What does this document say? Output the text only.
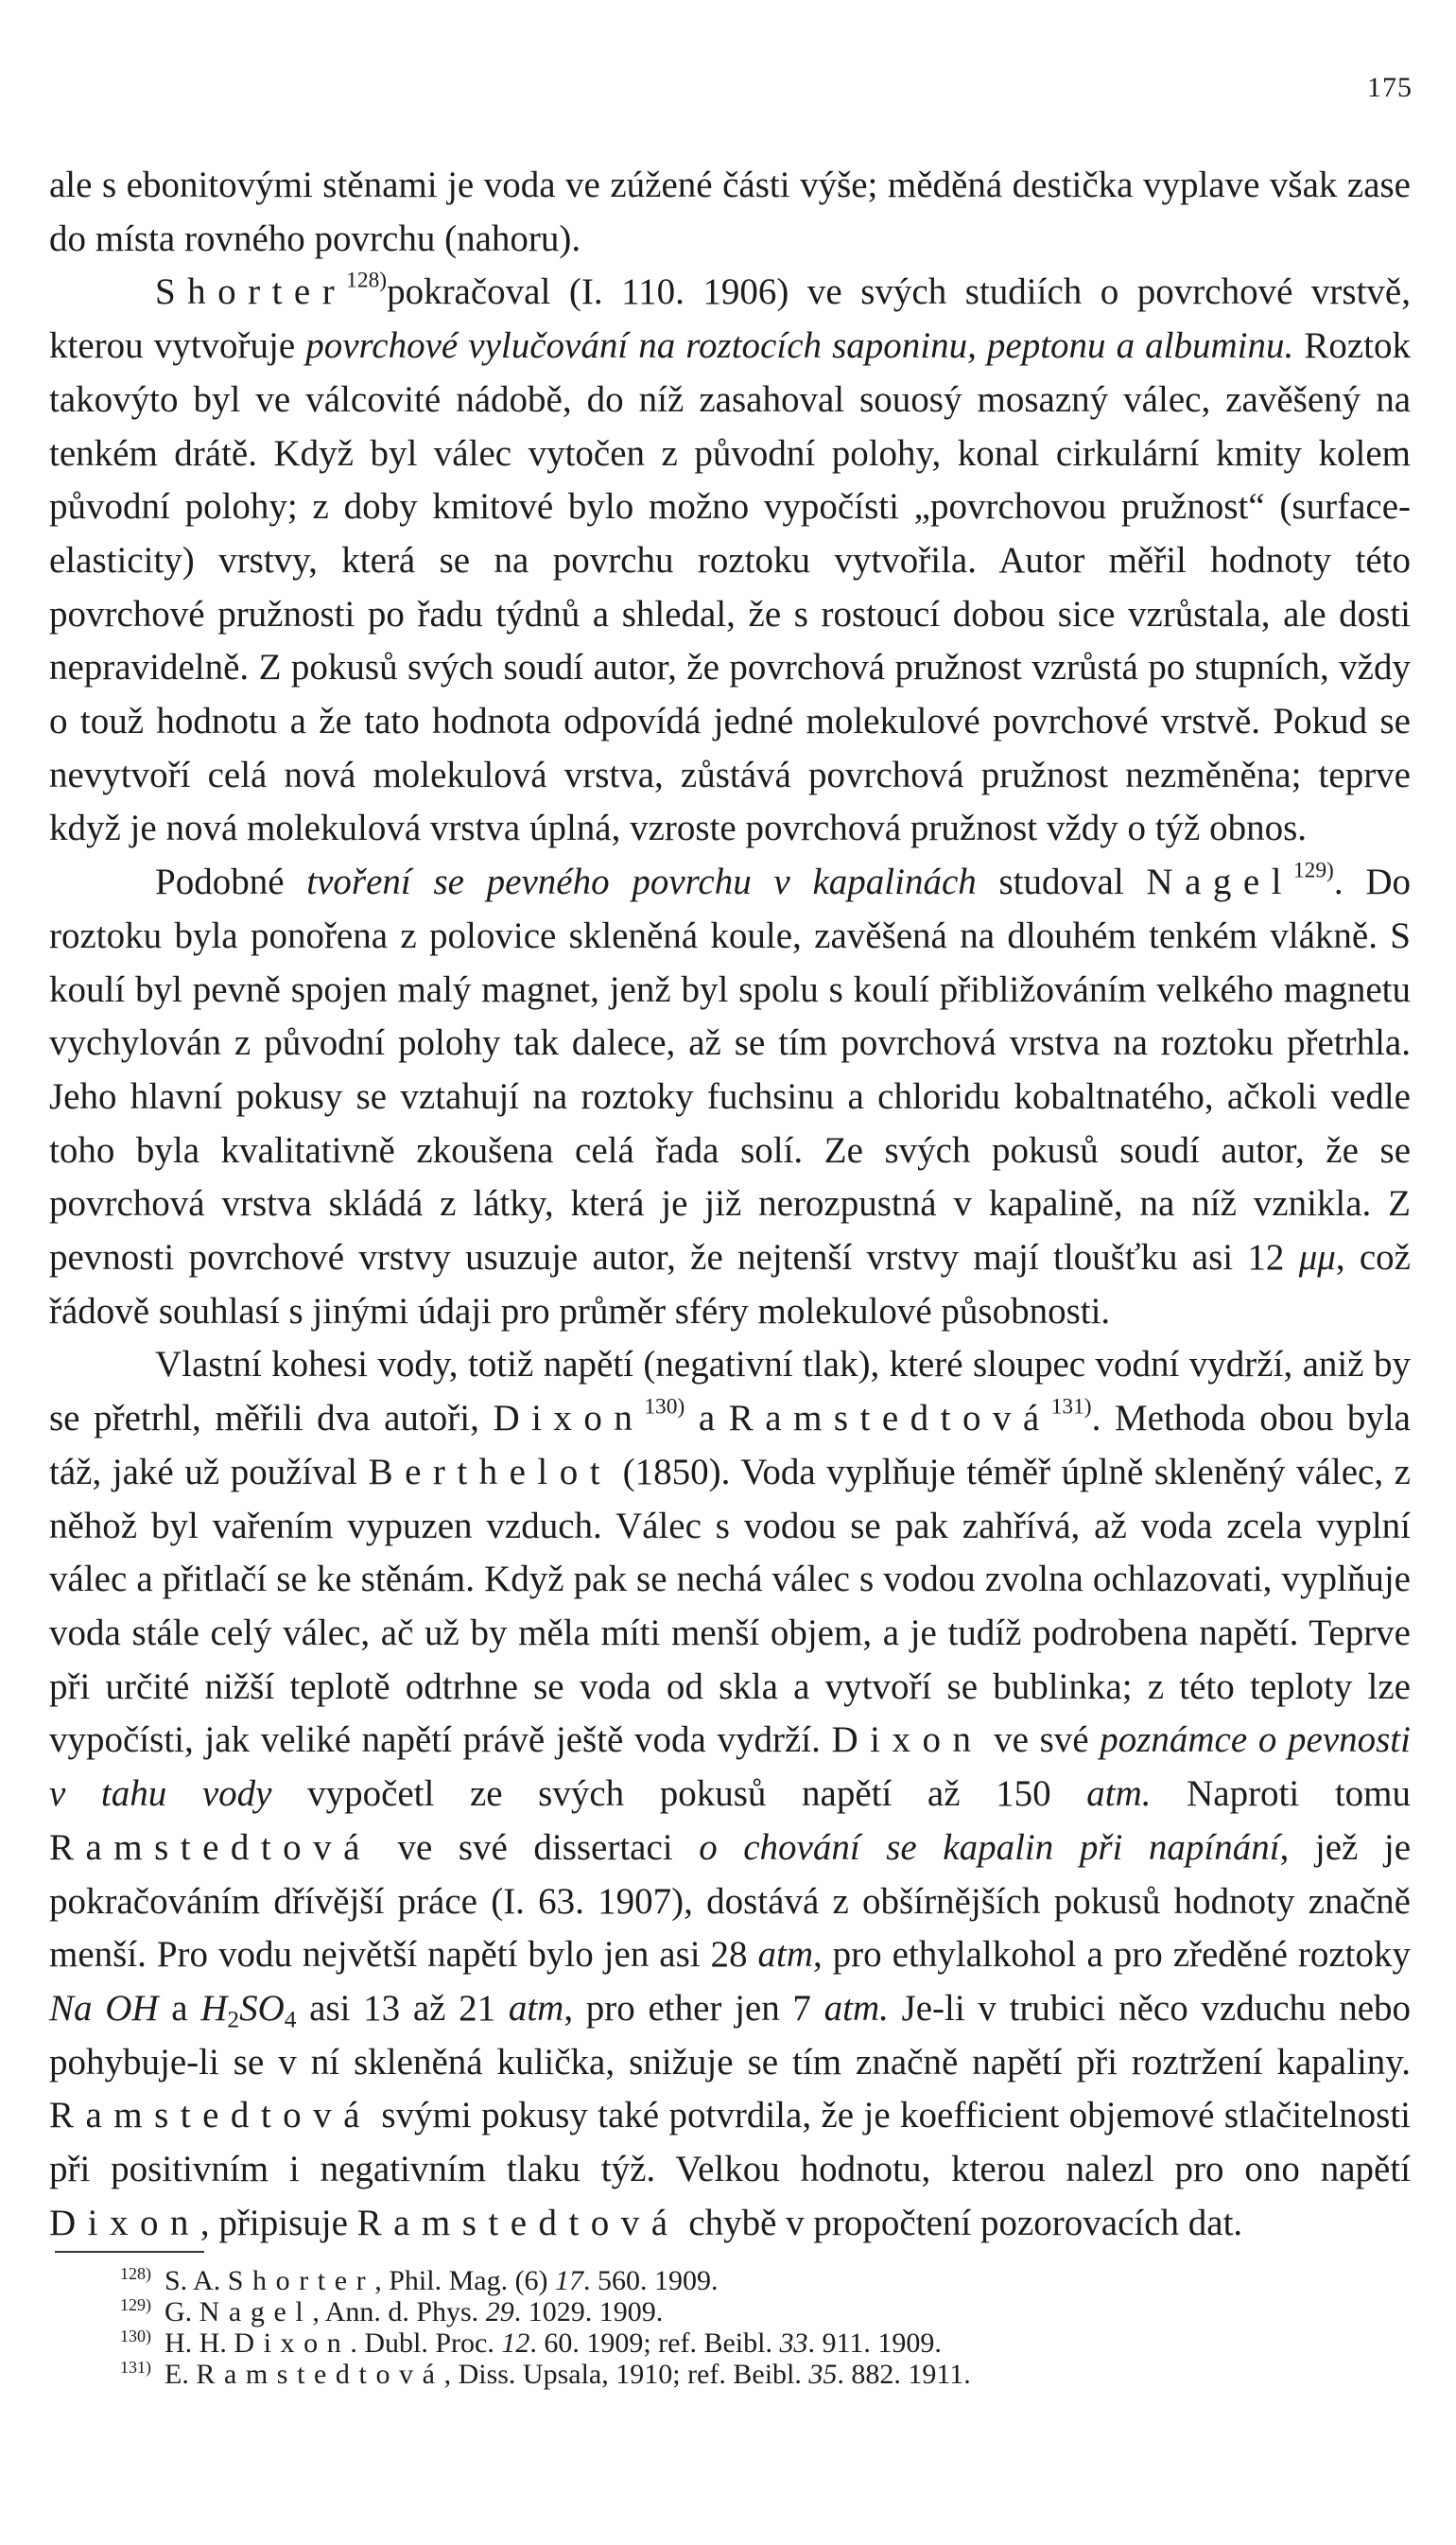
175

ale s ebonitovými stěnami je voda ve zúžené části výše; měděná destička vyplave však zase do místa rovného povrchu (nahoru).

Shorter$^{128)}$pokračoval (I. 110. 1906) ve svých studiích o povrchové vrstvě, kterou vytvořuje povrchové vylučování na roztocích saponinu, peptonu a albuminu. Roztok takovýto byl ve válcovité nádobě, do níž zasahoval souosý mosazný válec, zavěšený na tenkém drátě. Když byl válec vytočen z původní polohy, konal cirkulární kmity kolem původní polohy; z doby kmitové bylo možno vypočísti „povrchovou pružnost“ (surface-elasticity) vrstvy, která se na povrchu roztoku vytvořila. Autor měřil hodnoty této povrchové pružnosti po řadu týdnů a shledal, že s rostoucí dobou sice vzrůstala, ale dosti nepravidelně. Z pokusů svých soudí autor, že povrchová pružnost vzrůstá po stupních, vždy o touž hodnotu a že tato hodnota odpovídá jedné molekulové povrchové vrstvě. Pokud se nevytvoří celá nová molekulová vrstva, zůstává povrchová pružnost nezměněna; teprve když je nová molekulová vrstva úplná, vzroste povrchová pružnost vždy o týž obnos.

Podobné tvoření se pevného povrchu v kapalinách studoval Nagel$^{129)}$. Do roztoku byla ponořena z polovice skleněná koule, zavěšená na dlouhém tenkém vlákně. S koulí byl pevně spojen malý magnet, jenž byl spolu s koulí přibližováním velkého magnetu vychylován z původní polohy tak dalece, až se tím povrchová vrstva na roztoku přetrhla. Jeho hlavní pokusy se vztahují na roztoky fuchsinu a chloridu kobaltnatého, ačkoli vedle toho byla kvalitativně zkoušena celá řada solí. Ze svých pokusů soudí autor, že se povrchová vrstva skládá z látky, která je již nerozpustná v kapalině, na níž vznikla. Z pevnosti povrchové vrstvy usuzuje autor, že nejtenší vrstvy mají tloušťku asi 12 μμ, což řádově souhlasí s jinými údaji pro průměr sféry molekulové působnosti.

Vlastní kohesi vody, totiž napětí (negativní tlak), které sloupec vodní vydrží, aniž by se přetrhl, měřili dva autoři, Dixon$^{130)}$ a Ramstedtová$^{131)}$. Methoda obou byla táž, jaké už používal Berthelot (1850). Voda vyplňuje téměř úplně skleněný válec, z něhož byl vařením vypuzen vzduch. Válec s vodou se pak zahřívá, až voda zcela vyplní válec a přitlačí se ke stěnám. Když pak se nechá válec s vodou zvolna ochlazovati, vyplňuje voda stále celý válec, ač už by měla míti menší objem, a je tudíž podrobena napětí. Teprve při určité nižší teplotě odtrhne se voda od skla a vytvoří se bublinka; z této teploty lze vypočísti, jak veliké napětí právě ještě voda vydrží. Dixon ve své poznámce o pevnosti v tahu vody vypočetl ze svých pokusů napětí až 150 atm. Naproti tomu Ramstedtová ve své dissertaci o chování se kapalin při napínání, jež je pokračováním dřívější práce (I. 63. 1907), dostává z obšírnějších pokusů hodnoty značně menší. Pro vodu největší napětí bylo jen asi 28 atm, pro ethylalkohol a pro zředěné roztoky Na OH a $H_2SO_4$ asi 13 až 21 atm, pro ether jen 7 atm. Je-li v trubici něco vzduchu nebo pohybuje-li se v ní skleněná kulička, snižuje se tím značně napětí při roztržení kapaliny. Ramstedtová svými pokusy také potvrdila, že je koefficient objemové stlačitelnosti při positivním i negativním tlaku týž. Velkou hodnotu, kterou nalezl pro ono napětí Dixon, připisuje Ramstedtová chybě v propočtení pozorovacích dat.

128) S. A. Shorter, Phil. Mag. (6) 17. 560. 1909.

129) G. Nagel, Ann. d. Phys. 29. 1029. 1909.

130) H. H. Dixon. Dubl. Proc. 12. 60. 1909; ref. Beibl. 33. 911. 1909.

131) E. Ramstedtová, Diss. Upsala, 1910; ref. Beibl. 35. 882. 1911.
